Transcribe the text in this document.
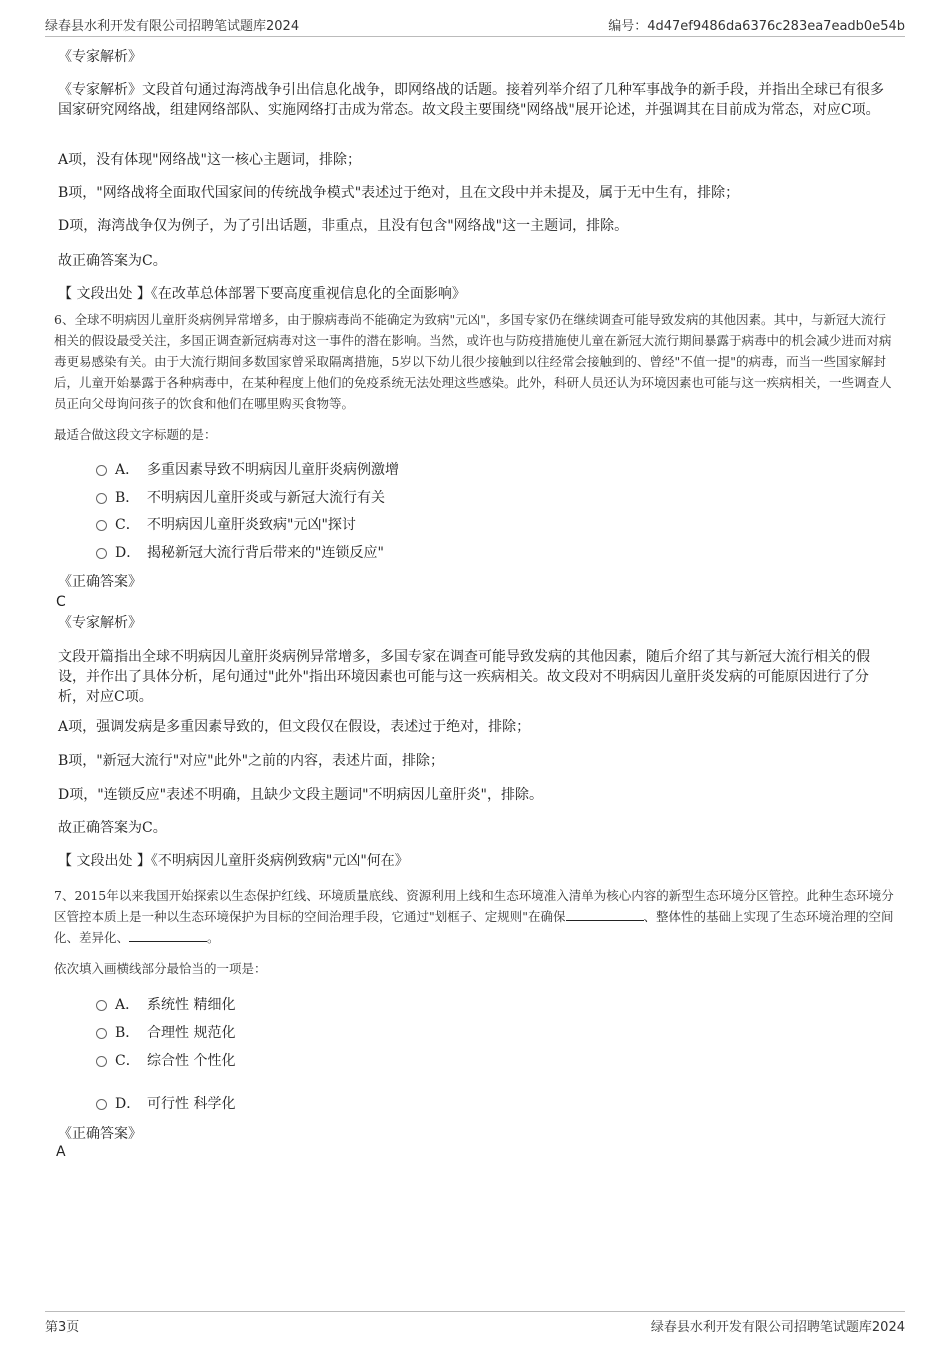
绿春县水利开发有限公司招聘笔试题库2024	编号：4d47ef9486da6376c283ea7eadb0e54b
《专家解析》
《专家解析》文段首句通过海湾战争引出信息化战争，即网络战的话题。接着列举介绍了几种军事战争的新手段，并指出全球已有很多国家研究网络战，组建网络部队、实施网络打击成为常态。故文段主要围绕"网络战"展开论述，并强调其在目前成为常态，对应C项。
A项，没有体现"网络战"这一核心主题词，排除；
B项，"网络战将全面取代国家间的传统战争模式"表述过于绝对，且在文段中并未提及，属于无中生有，排除；
D项，海湾战争仅为例子，为了引出话题，非重点，且没有包含"网络战"这一主题词，排除。
故正确答案为C。
【 文段出处 】《在改革总体部署下要高度重视信息化的全面影响》
6、全球不明病因儿童肝炎病例异常增多，由于腺病毒尚不能确定为致病"元凶"，多国专家仍在继续调查可能导致发病的其他因素。其中，与新冠大流行相关的假设最受关注，多国正调查新冠病毒对这一事件的潜在影响。当然，或许也与防疫措施使儿童在新冠大流行期间暴露于病毒中的机会减少进而对病毒更易感染有关。由于大流行期间多数国家曾采取隔离措施，5岁以下幼儿很少接触到以往经常会接触到的、曾经"不值一提"的病毒，而当一些国家解封后，儿童开始暴露于各种病毒中，在某种程度上他们的免疫系统无法处理这些感染。此外，科研人员还认为环境因素也可能与这一疾病相关，一些调查人员正向父母询问孩子的饮食和他们在哪里购买食物等。
最适合做这段文字标题的是：
A． 多重因素导致不明病因儿童肝炎病例激增
B． 不明病因儿童肝炎或与新冠大流行有关
C． 不明病因儿童肝炎致病"元凶"探讨
D． 揭秘新冠大流行背后带来的"连锁反应"
《正确答案》
C
《专家解析》
文段开篇指出全球不明病因儿童肝炎病例异常增多，多国专家在调查可能导致发病的其他因素，随后介绍了其与新冠大流行相关的假设，并作出了具体分析，尾句通过"此外"指出环境因素也可能与这一疾病相关。故文段对不明病因儿童肝炎发病的可能原因进行了分析，对应C项。
A项，强调发病是多重因素导致的，但文段仅在假设，表述过于绝对，排除；
B项，"新冠大流行"对应"此外"之前的内容，表述片面，排除；
D项，"连锁反应"表述不明确，且缺少文段主题词"不明病因儿童肝炎"，排除。
故正确答案为C。
【 文段出处 】《不明病因儿童肝炎病例致病"元凶"何在》
7、2015年以来我国开始探索以生态保护红线、环境质量底线、资源利用上线和生态环境准入清单为核心内容的新型生态环境分区管控。此种生态环境分区管控本质上是一种以生态环境保护为目标的空间治理手段，它通过"划框子、定规则"在确保	、整体性的基础上实现了生态环境治理的空间化、差异化、	。
依次填入画横线部分最恰当的一项是：
A． 系统性 精细化
B． 合理性 规范化
C． 综合性 个性化
D． 可行性 科学化
《正确答案》
A
第3页	绿春县水利开发有限公司招聘笔试题库2024
